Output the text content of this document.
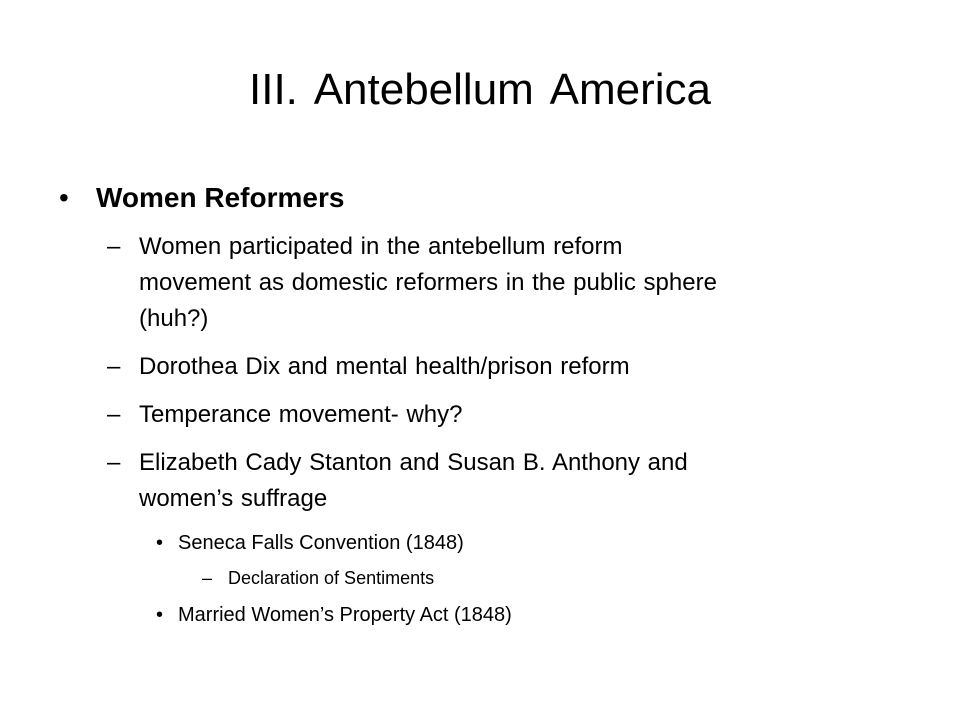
III. Antebellum America
• Women Reformers
– Women participated in the antebellum reform
movement as domestic reformers in the public sphere
(huh?)
– Dorothea Dix and mental health/prison reform
– Temperance movement- why?
– Elizabeth Cady Stanton and Susan B. Anthony and
women’s suffrage
• Seneca Falls Convention (1848)
– Declaration of Sentiments
• Married Women’s Property Act (1848)
